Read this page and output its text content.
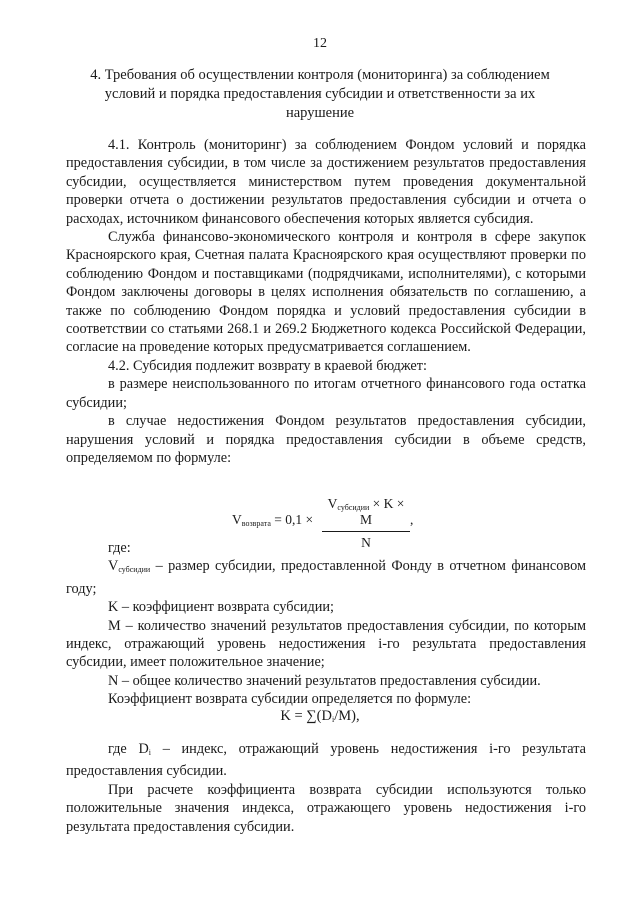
12
4. Требования об осуществлении контроля (мониторинга) за соблюдением условий и порядка предоставления субсидии и ответственности за их нарушение

4.1. Контроль (мониторинг) за соблюдением Фондом условий и порядка предоставления субсидии, в том числе за достижением результатов предоставления субсидии, осуществляется министерством путем проведения документальной проверки отчета о достижении результатов предоставления субсидии и отчета о расходах, источником финансового обеспечения которых является субсидия.

Служба финансово-экономического контроля и контроля в сфере закупок Красноярского края, Счетная палата Красноярского края осуществляют проверки по соблюдению Фондом и поставщиками (подрядчиками, исполнителями), с которыми Фондом заключены договоры в целях исполнения обязательств по соглашению, а также по соблюдению Фондом порядка и условий предоставления субсидии в соответствии со статьями 268.1 и 269.2 Бюджетного кодекса Российской Федерации, согласие на проведение которых предусматривается соглашением.

4.2. Субсидия подлежит возврату в краевой бюджет:

в размере неиспользованного по итогам отчетного финансового года остатка субсидии;

в случае недостижения Фондом результатов предоставления субсидии, нарушения условий и порядка предоставления субсидии в объеме средств, определяемом по формуле:

$V_{возврата} = 0,1$ ×
$V_{субсидии} \times K \times M$
N
,

где:

$V_{субсидии}$ – размер субсидии, предоставленной Фонду в отчетном финансовом году;

K – коэффициент возврата субсидии;

M – количество значений результатов предоставления субсидии, по которым индекс, отражающий уровень недостижения i-го результата предоставления субсидии, имеет положительное значение;

N – общее количество значений результатов предоставления субсидии.

Коэффициент возврата субсидии определяется по формуле:

$K = \sum(D_i/M)$,

где $D_i$ – индекс, отражающий уровень недостижения i-го результата предоставления субсидии.

При расчете коэффициента возврата субсидии используются только положительные значения индекса, отражающего уровень недостижения i-го результата предоставления субсидии.
